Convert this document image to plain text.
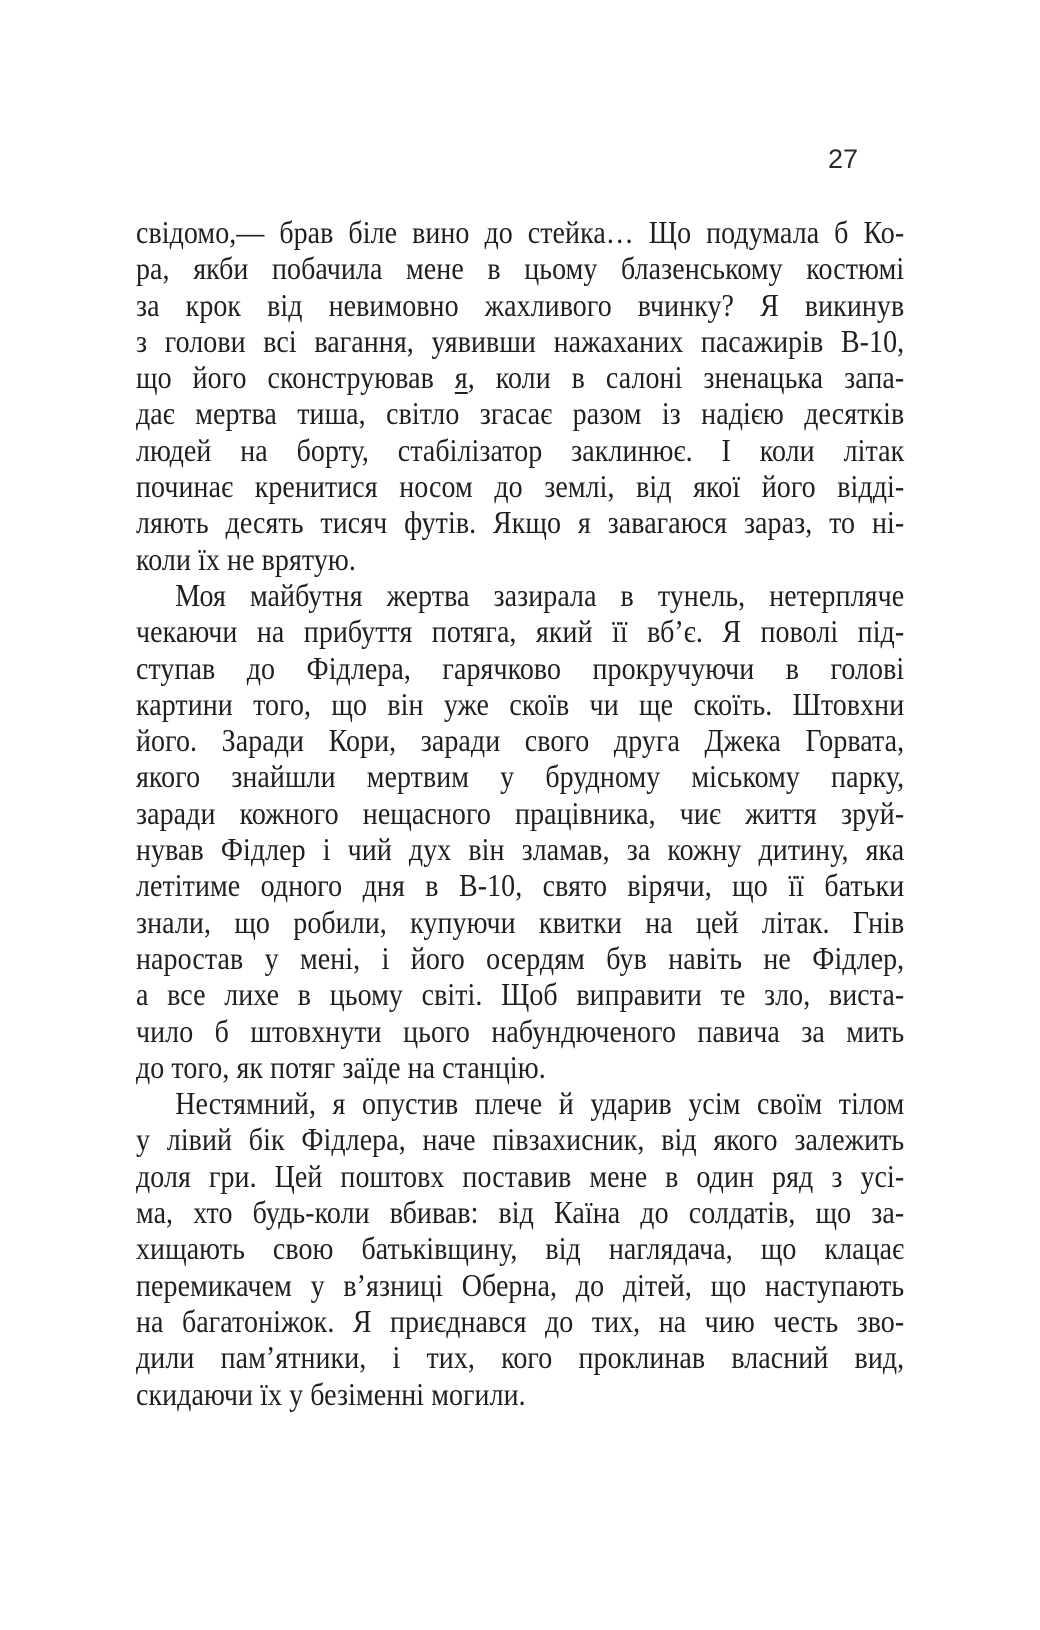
27
свідомо,— брав біле вино до стейка… Що подумала б Ко-
ра, якби побачила мене в цьому блазенському костюмі
за крок від невимовно жахливого вчинку? Я викинув
з голови всі вагання, уявивши нажаханих пасажирів В-10,
що його сконструював я, коли в салоні зненацька запа-
дає мертва тиша, світло згасає разом із надією десятків
людей на борту, стабілізатор заклинює. І коли літак
починає кренитися носом до землі, від якої його відді-
ляють десять тисяч футів. Якщо я завагаюся зараз, то ні-
коли їх не врятую.
Моя майбутня жертва зазирала в тунель, нетерпляче
чекаючи на прибуття потяга, який її вб’є. Я поволі під-
ступав до Фідлера, гарячково прокручуючи в голові
картини того, що він уже скоїв чи ще скоїть. Штовхни
його. Заради Кори, заради свого друга Джека Горвата,
якого знайшли мертвим у брудному міському парку,
заради кожного нещасного працівника, чиє життя зруй-
нував Фідлер і чий дух він зламав, за кожну дитину, яка
летітиме одного дня в В-10, свято вірячи, що її батьки
знали, що робили, купуючи квитки на цей літак. Гнів
наростав у мені, і його осердям був навіть не Фідлер,
а все лихе в цьому світі. Щоб виправити те зло, виста-
чило б штовхнути цього набундюченого павича за мить
до того, як потяг заїде на станцію.
Нестямний, я опустив плече й ударив усім своїм тілом
у лівий бік Фідлера, наче півзахисник, від якого залежить
доля гри. Цей поштовх поставив мене в один ряд з усі-
ма, хто будь-коли вбивав: від Каїна до солдатів, що за-
хищають свою батьківщину, від наглядача, що клацає
перемикачем у в’язниці Оберна, до дітей, що наступають
на багатоніжок. Я приєднався до тих, на чию честь зво-
дили пам’ятники, і тих, кого проклинав власний вид,
скидаючи їх у безіменні могили.
